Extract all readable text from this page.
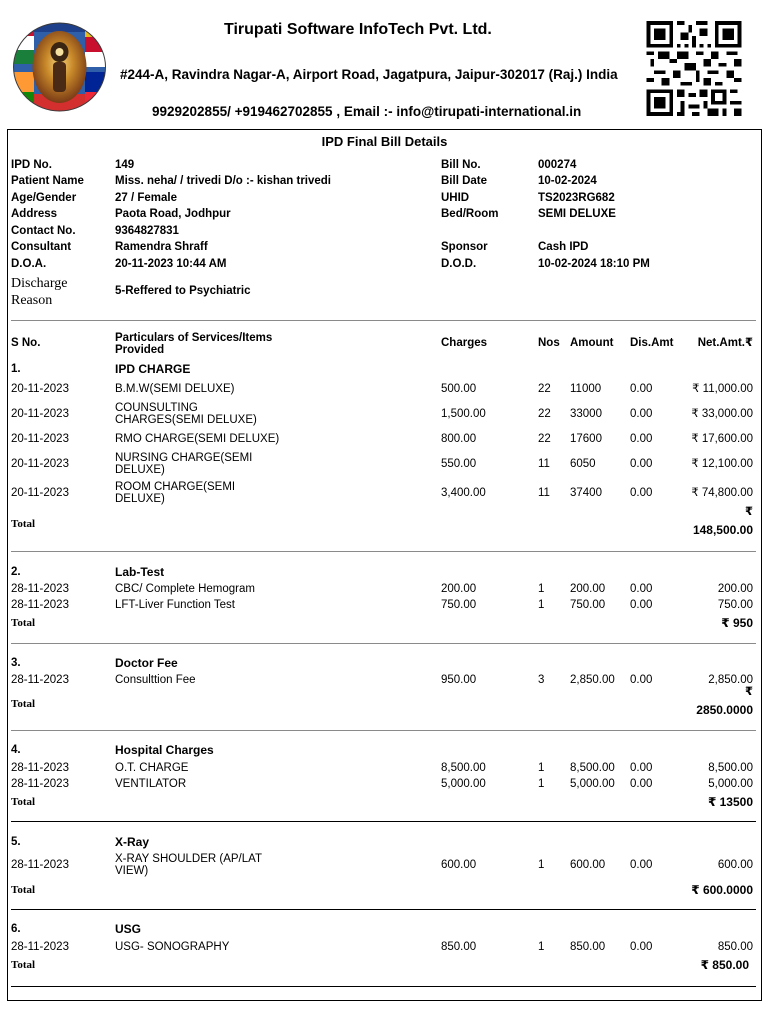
Tirupati Software InfoTech Pvt. Ltd.
#244-A, Ravindra Nagar-A, Airport Road, Jagatpura, Jaipur-302017 (Raj.) India
9929202855/ +919462702855 , Email :- info@tirupati-international.in
IPD Final Bill Details
IPD No.	149
Patient Name	Miss. neha/ / trivedi D/o :- kishan trivedi
Age/Gender	27 / Female
Address	Paota Road, Jodhpur
Contact No.	9364827831
Consultant	Ramendra Shraff
D.O.A.	20-11-2023 10:44 AM
Bill No.	000274
Bill Date	10-02-2024
UHID	TS2023RG682
Bed/Room	SEMI DELUXE
Sponsor	Cash IPD
D.O.D.	10-02-2024 18:10 PM
Discharge
Reason
5-Reffered to Psychiatric
S No.	Particulars of Services/Items
Provided
Charges	Nos Amount Dis.Amt	Net.Amt.₹
1.	IPD CHARGE
20-11-2023	B.M.W(SEMI DELUXE)	500.00	22 11000	0.00	₹ 11,000.00
20-11-2023	COUNSULTING
CHARGES(SEMI DELUXE)	1,500.00	22 33000 0.00	₹ 33,000.00
20-11-2023	RMO CHARGE(SEMI DELUXE)	800.00	22 17600 0.00	₹ 17,600.00
20-11-2023	NURSING CHARGE(SEMI
DELUXE)	550.00	11 6050	0.00	₹ 12,100.00
20-11-2023	ROOM CHARGE(SEMI
DELUXE)	3,400.00	11 37400 0.00	₹ 74,800.00
Total
₹
148,500.00
2.	Lab-Test
28-11-2023	CBC/ Complete Hemogram	200.00	1 200.00 0.00	200.00
28-11-2023	LFT-Liver Function Test	750.00	1 750.00 0.00	750.00
Total	₹ 950
3.	Doctor Fee
28-11-2023	Consulttion Fee	950.00	3 2,850.00 0.00	2,850.00
Total
₹
2850.0000
4.	Hospital Charges
28-11-2023	O.T. CHARGE	8,500.00	1 8,500.00 0.00	8,500.00
28-11-2023	VENTILATOR	5,000.00	1 5,000.00 0.00	5,000.00
Total	₹ 13500
5.	X-Ray
28-11-2023	X-RAY SHOULDER (AP/LAT
VIEW)	600.00	1 600.00 0.00	600.00
Total	₹ 600.0000
6.	USG
28-11-2023	USG- SONOGRAPHY	850.00	1 850.00 0.00	850.00
Total	₹ 850.00
